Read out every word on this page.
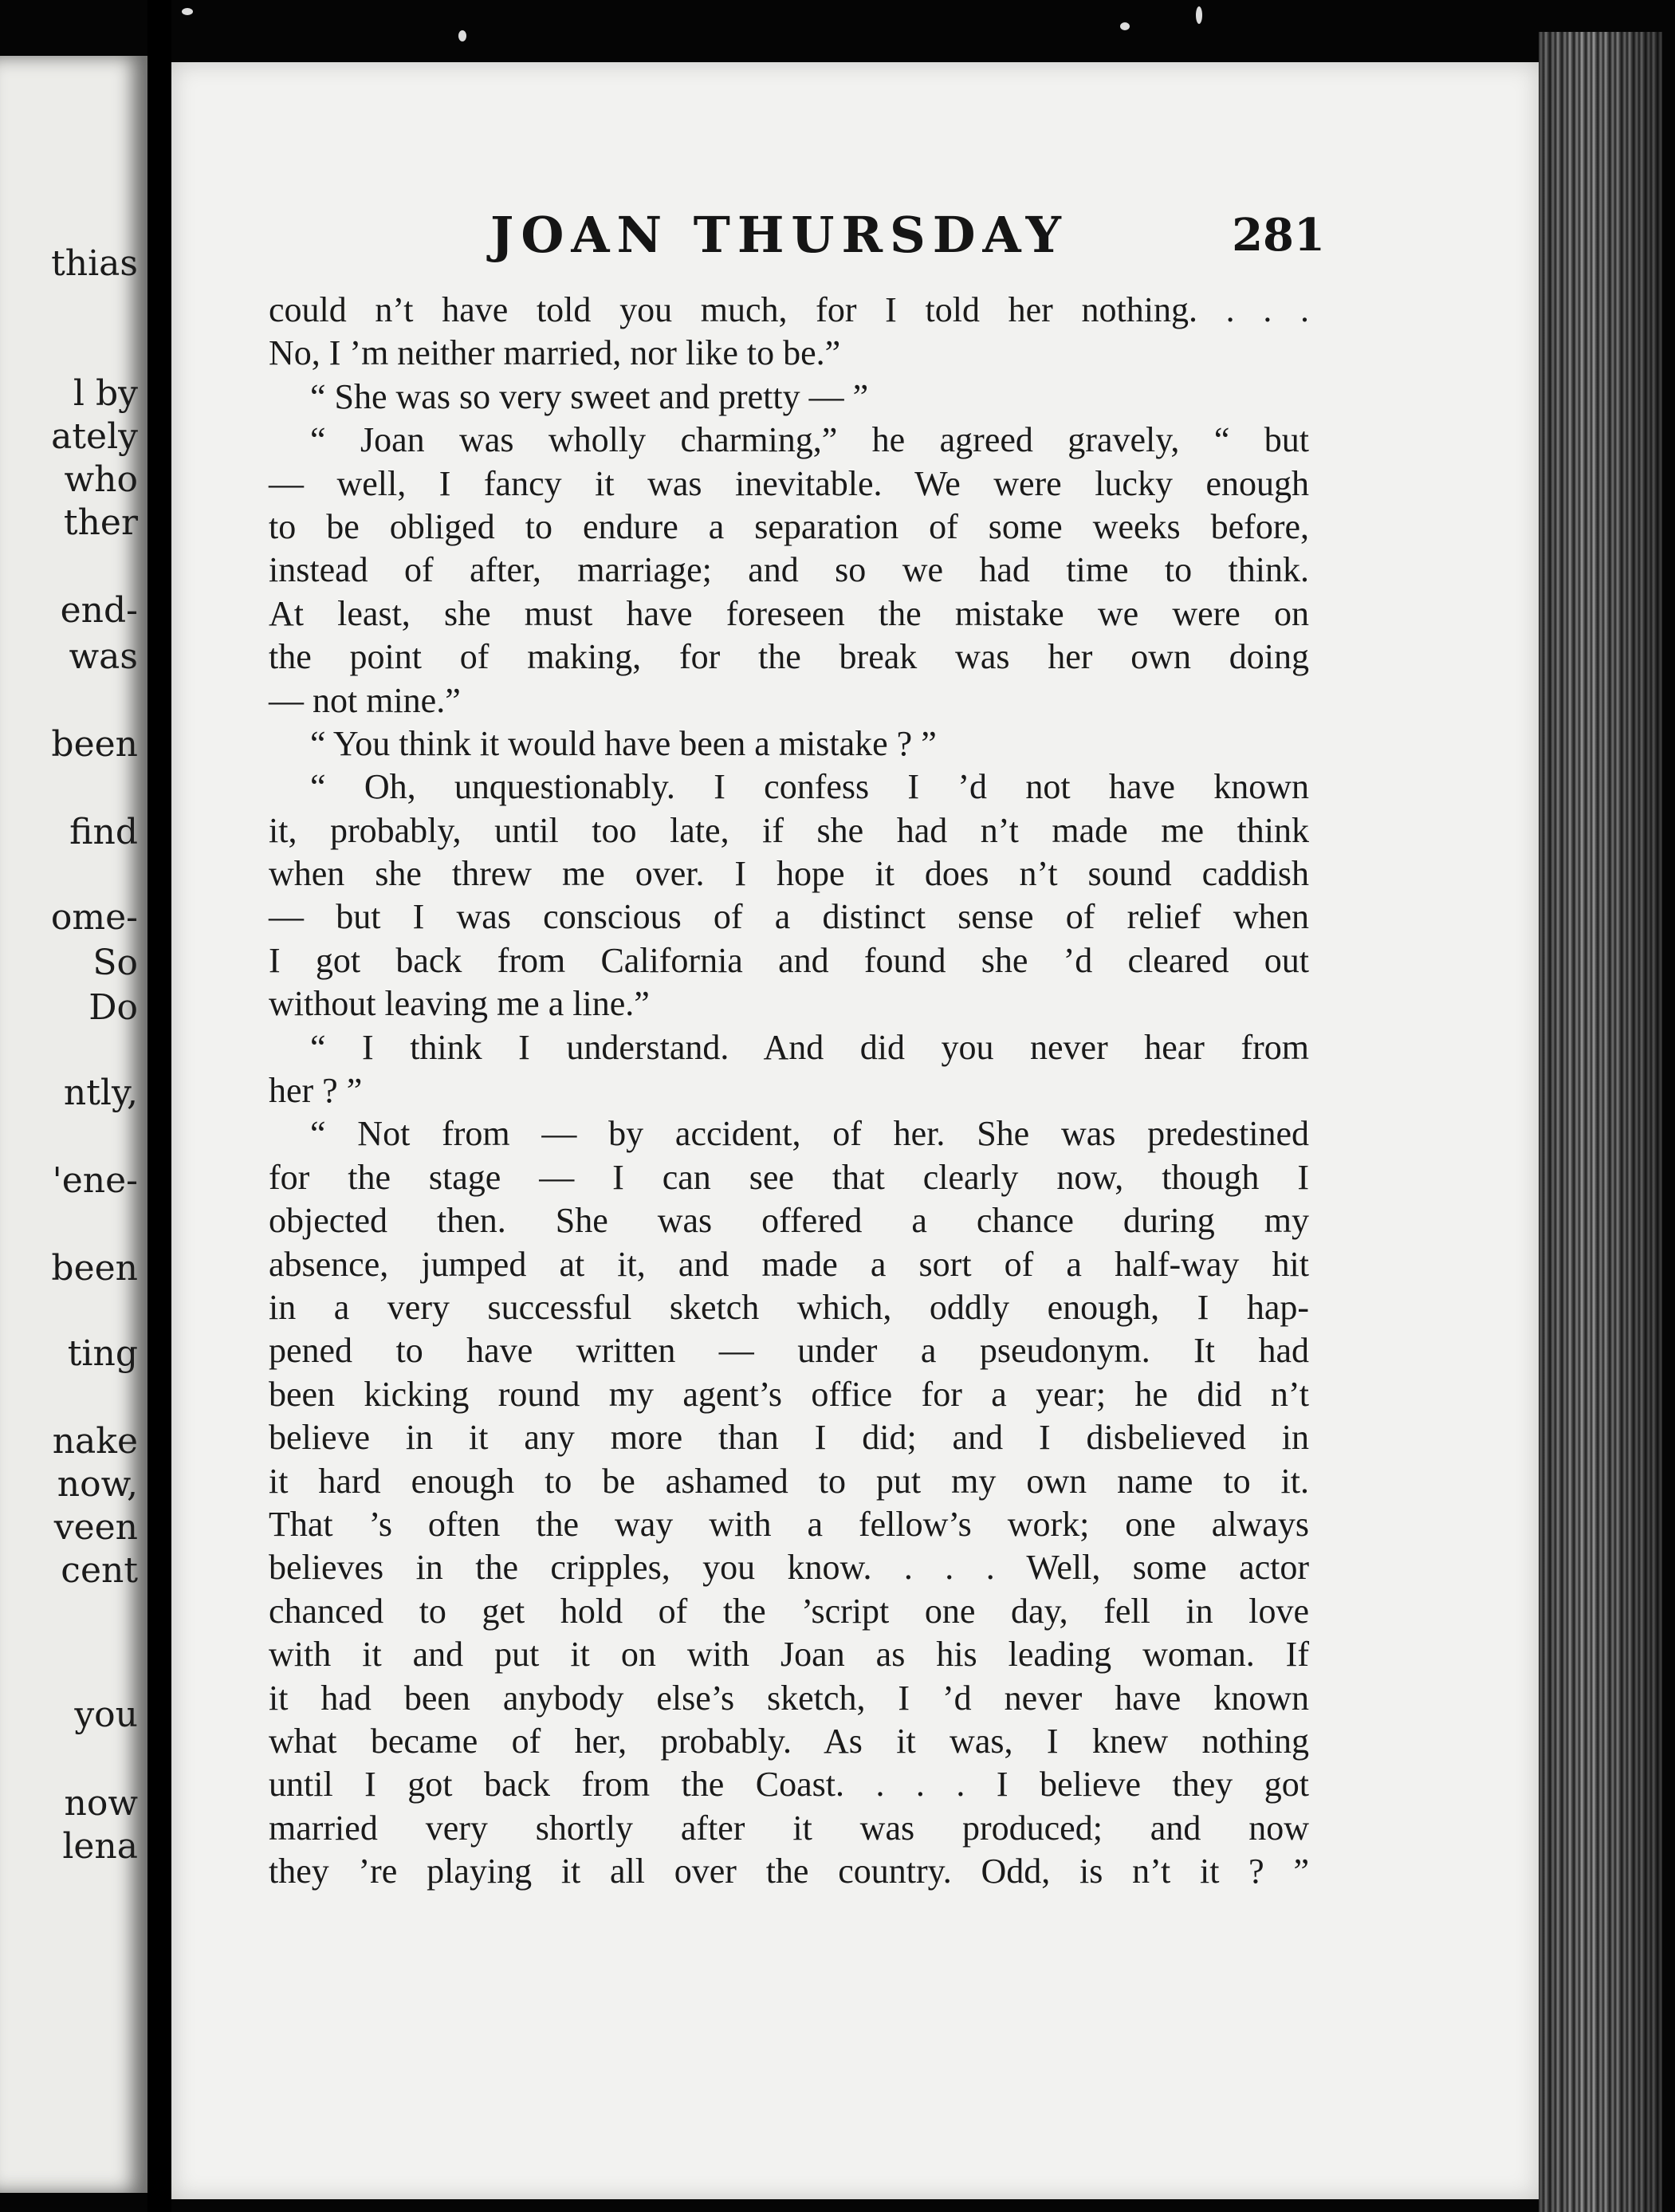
thias
l by
ately
who
ther
end-
was
been
find
ome-
So
Do
ntly,
'ene-
been
ting
nake
now,
veen
cent
you
now
lena
JOAN THURSDAY	281
could n’t have told you much, for I told her nothing. . . .
No, I ’m neither married, nor like to be.”
“ She was so very sweet and pretty — ”
“ Joan was wholly charming,” he agreed gravely, “ but
— well, I fancy it was inevitable. We were lucky enough
to be obliged to endure a separation of some weeks before,
instead of after, marriage; and so we had time to think.
At least, she must have foreseen the mistake we were on
the point of making, for the break was her own doing
— not mine.”
“ You think it would have been a mistake ? ”
“ Oh, unquestionably. I confess I ’d not have known
it, probably, until too late, if she had n’t made me think
when she threw me over. I hope it does n’t sound caddish
— but I was conscious of a distinct sense of relief when
I got back from California and found she ’d cleared out
without leaving me a line.”
“ I think I understand. And did you never hear from
her ? ”
“ Not from — by accident, of her. She was predestined
for the stage — I can see that clearly now, though I
objected then. She was offered a chance during my
absence, jumped at it, and made a sort of a half-way hit
in a very successful sketch which, oddly enough, I hap-
pened to have written — under a pseudonym. It had
been kicking round my agent’s office for a year; he did n’t
believe in it any more than I did; and I disbelieved in
it hard enough to be ashamed to put my own name to it.
That ’s often the way with a fellow’s work; one always
believes in the cripples, you know. . . . Well, some actor
chanced to get hold of the ’script one day, fell in love
with it and put it on with Joan as his leading woman. If
it had been anybody else’s sketch, I ’d never have known
what became of her, probably. As it was, I knew nothing
until I got back from the Coast. . . . I believe they got
married very shortly after it was produced; and now
they ’re playing it all over the country. Odd, is n’t it ? ”
